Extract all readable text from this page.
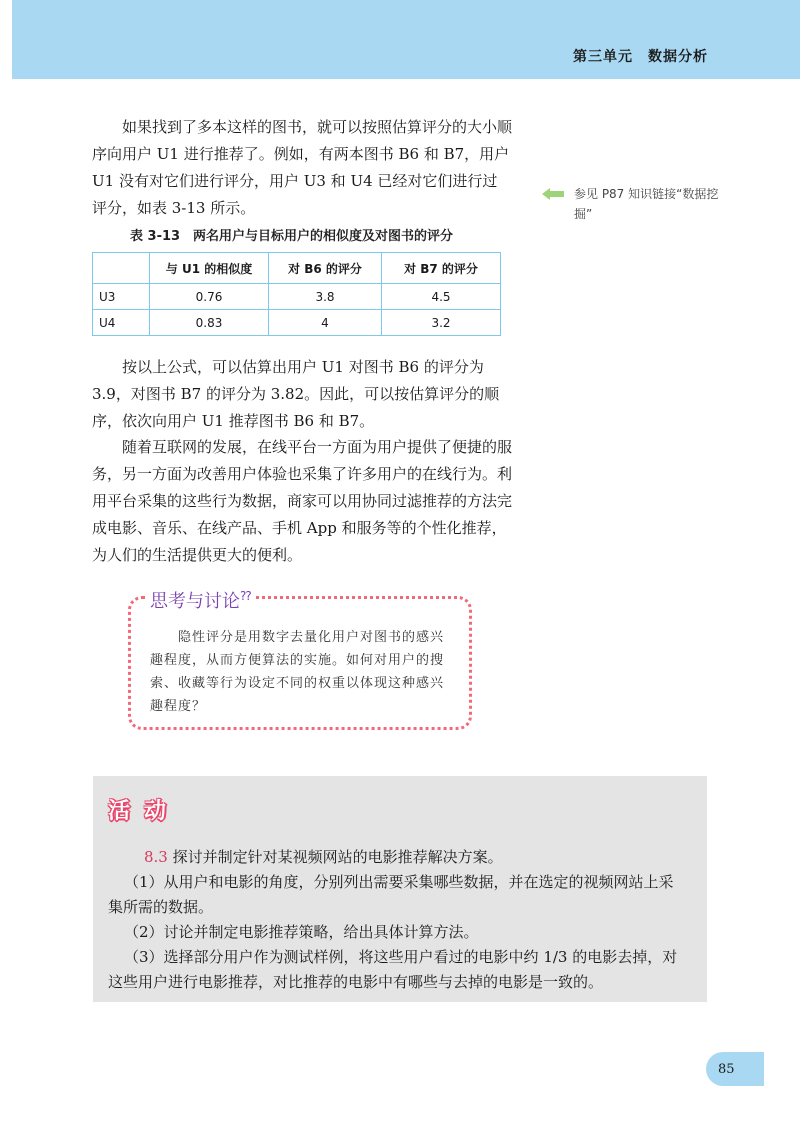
第三单元　数据分析

如果找到了多本这样的图书，就可以按照估算评分的大小顺序向用户 U1 进行推荐了。例如，有两本图书 B6 和 B7，用户 U1 没有对它们进行评分，用户 U3 和 U4 已经对它们进行过评分，如表 3-13 所示。

参见 P87 知识链接“数据挖掘”
表 3-13　两名用户与目标用户的相似度及对图书的评分
	与 U1 的相似度	对 B6 的评分	对 B7 的评分
U3	0.76	3.8	4.5
U4	0.83	4	3.2

按以上公式，可以估算出用户 U1 对图书 B6 的评分为 3.9，对图书 B7 的评分为 3.82。因此，可以按估算评分的顺序，依次向用户 U1 推荐图书 B6 和 B7。

随着互联网的发展，在线平台一方面为用户提供了便捷的服务，另一方面为改善用户体验也采集了许多用户的在线行为。利用平台采集的这些行为数据，商家可以用协同过滤推荐的方法完成电影、音乐、在线产品、手机 App 和服务等的个性化推荐，为人们的生活提供更大的便利。

思考与讨论??
隐性评分是用数字去量化用户对图书的感兴趣程度，从而方便算法的实施。如何对用户的搜索、收藏等行为设定不同的权重以体现这种感兴趣程度？
活动

8.3 探讨并制定针对某视频网站的电影推荐解决方案。

（1）从用户和电影的角度，分别列出需要采集哪些数据，并在选定的视频网站上采集所需的数据。

（2）讨论并制定电影推荐策略，给出具体计算方法。

（3）选择部分用户作为测试样例，将这些用户看过的电影中约 1/3 的电影去掉，对这些用户进行电影推荐，对比推荐的电影中有哪些与去掉的电影是一致的。

85
